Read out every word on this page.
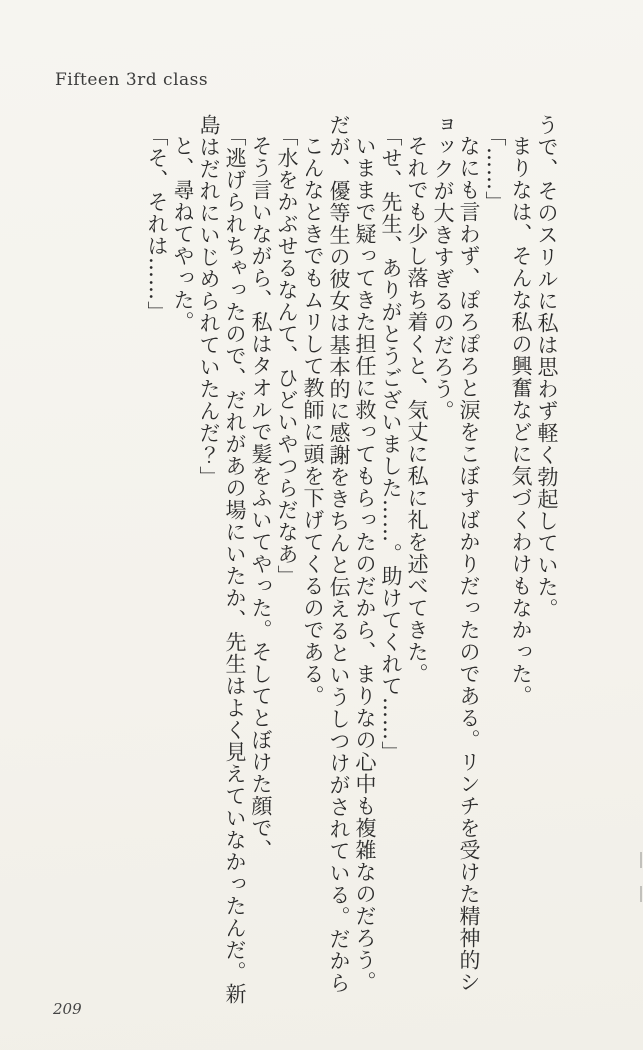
Fifteen 3rd class

うで、そのスリルに私は思わず軽く勃起していた。

まりなは、そんな私の興奮などに気づくわけもなかった。

「……」

なにも言わず、ぽろぽろと涙をこぼすばかりだったのである。リンチを受けた精神的シ

ョックが大きすぎるのだろう。

それでも少し落ち着くと、気丈に私に礼を述べてきた。

「せ、先生、ありがとうございました……。助けてくれて……」

いままで疑ってきた担任に救ってもらったのだから、まりなの心中も複雑なのだろう。

だが、優等生の彼女は基本的に感謝をきちんと伝えるというしつけがされている。だから

こんなときでもムリして教師に頭を下げてくるのである。

「水をかぶせるなんて、ひどいやつらだなあ」

そう言いながら、私はタオルで髪をふいてやった。そしてとぼけた顔で、

「逃げられちゃったので、だれがあの場にいたか、先生はよく見えていなかったんだ。新

島はだれにいじめられていたんだ？」

と、尋ねてやった。

「そ、それは……」

209
